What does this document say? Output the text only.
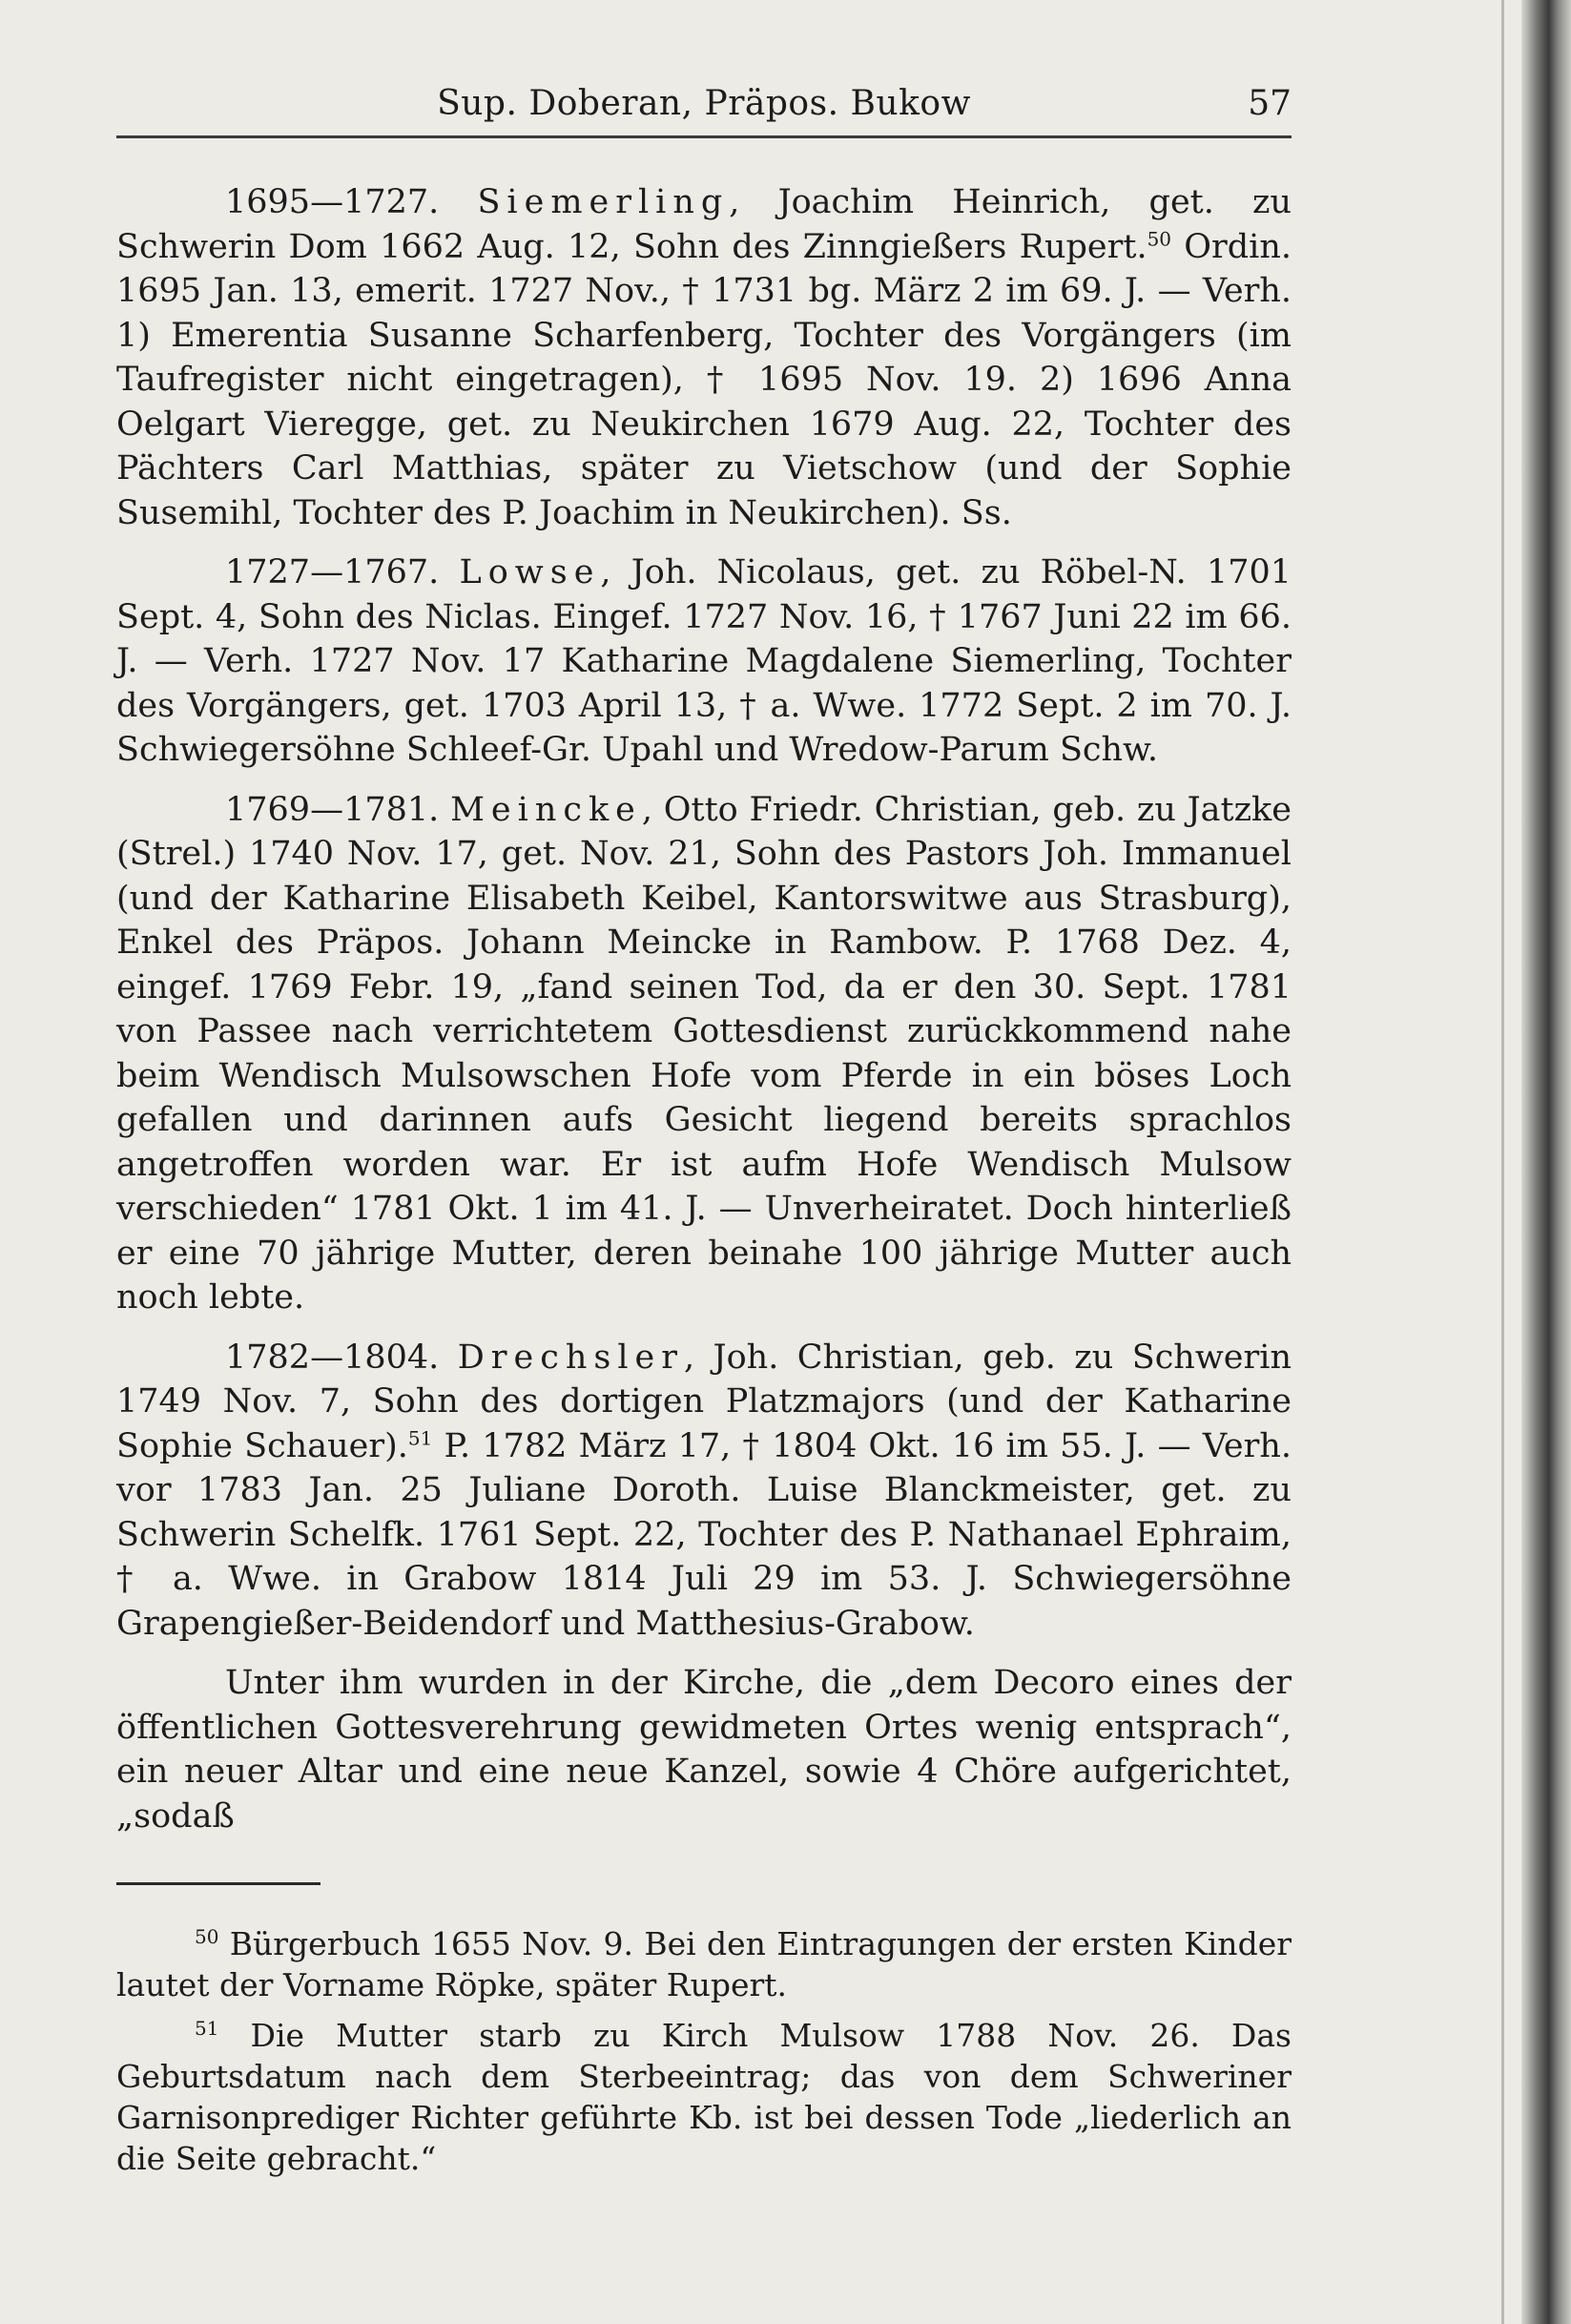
Sup. Doberan, Präpos. Bukow	57

1695—1727. Siemerling, Joachim Heinrich, get. zu Schwerin Dom 1662 Aug. 12, Sohn des Zinngießers Rupert.$^{50}$ Ordin. 1695 Jan. 13, emerit. 1727 Nov., † 1731 bg. März 2 im 69. J. — Verh. 1) Emerentia Susanne Scharfenberg, Tochter des Vorgängers (im Taufregister nicht eingetragen), † 1695 Nov. 19. 2) 1696 Anna Oelgart Vieregge, get. zu Neukirchen 1679 Aug. 22, Tochter des Pächters Carl Matthias, später zu Vietschow (und der Sophie Susemihl, Tochter des P. Joachim in Neukirchen). Ss.

1727—1767. Lowse, Joh. Nicolaus, get. zu Röbel-N. 1701 Sept. 4, Sohn des Niclas. Eingef. 1727 Nov. 16, † 1767 Juni 22 im 66. J. — Verh. 1727 Nov. 17 Katharine Magdalene Siemerling, Tochter des Vorgängers, get. 1703 April 13, † a. Wwe. 1772 Sept. 2 im 70. J. Schwiegersöhne Schleef-Gr. Upahl und Wredow-Parum Schw.

1769—1781. Meincke, Otto Friedr. Christian, geb. zu Jatzke (Strel.) 1740 Nov. 17, get. Nov. 21, Sohn des Pastors Joh. Immanuel (und der Katharine Elisabeth Keibel, Kantorswitwe aus Strasburg), Enkel des Präpos. Johann Meincke in Rambow. P. 1768 Dez. 4, eingef. 1769 Febr. 19, „fand seinen Tod, da er den 30. Sept. 1781 von Passee nach verrichtetem Gottesdienst zurückkommend nahe beim Wendisch Mulsowschen Hofe vom Pferde in ein böses Loch gefallen und darinnen aufs Gesicht liegend bereits sprachlos angetroffen worden war. Er ist aufm Hofe Wendisch Mulsow verschieden“ 1781 Okt. 1 im 41. J. — Unverheiratet. Doch hinterließ er eine 70 jährige Mutter, deren beinahe 100 jährige Mutter auch noch lebte.

1782—1804. Drechsler, Joh. Christian, geb. zu Schwerin 1749 Nov. 7, Sohn des dortigen Platzmajors (und der Katharine Sophie Schauer).$^{51}$ P. 1782 März 17, † 1804 Okt. 16 im 55. J. — Verh. vor 1783 Jan. 25 Juliane Doroth. Luise Blanckmeister, get. zu Schwerin Schelfk. 1761 Sept. 22, Tochter des P. Nathanael Ephraim, † a. Wwe. in Grabow 1814 Juli 29 im 53. J. Schwiegersöhne Grapengießer-Beidendorf und Matthesius-Grabow.

Unter ihm wurden in der Kirche, die „dem Decoro eines der öffentlichen Gottesverehrung gewidmeten Ortes wenig entsprach“, ein neuer Altar und eine neue Kanzel, sowie 4 Chöre aufgerichtet, „sodaß

$^{50}$ Bürgerbuch 1655 Nov. 9. Bei den Eintragungen der ersten Kinder lautet der Vorname Röpke, später Rupert.

$^{51}$ Die Mutter starb zu Kirch Mulsow 1788 Nov. 26. Das Geburtsdatum nach dem Sterbeeintrag; das von dem Schweriner Garnisonprediger Richter geführte Kb. ist bei dessen Tode „liederlich an die Seite gebracht.“
